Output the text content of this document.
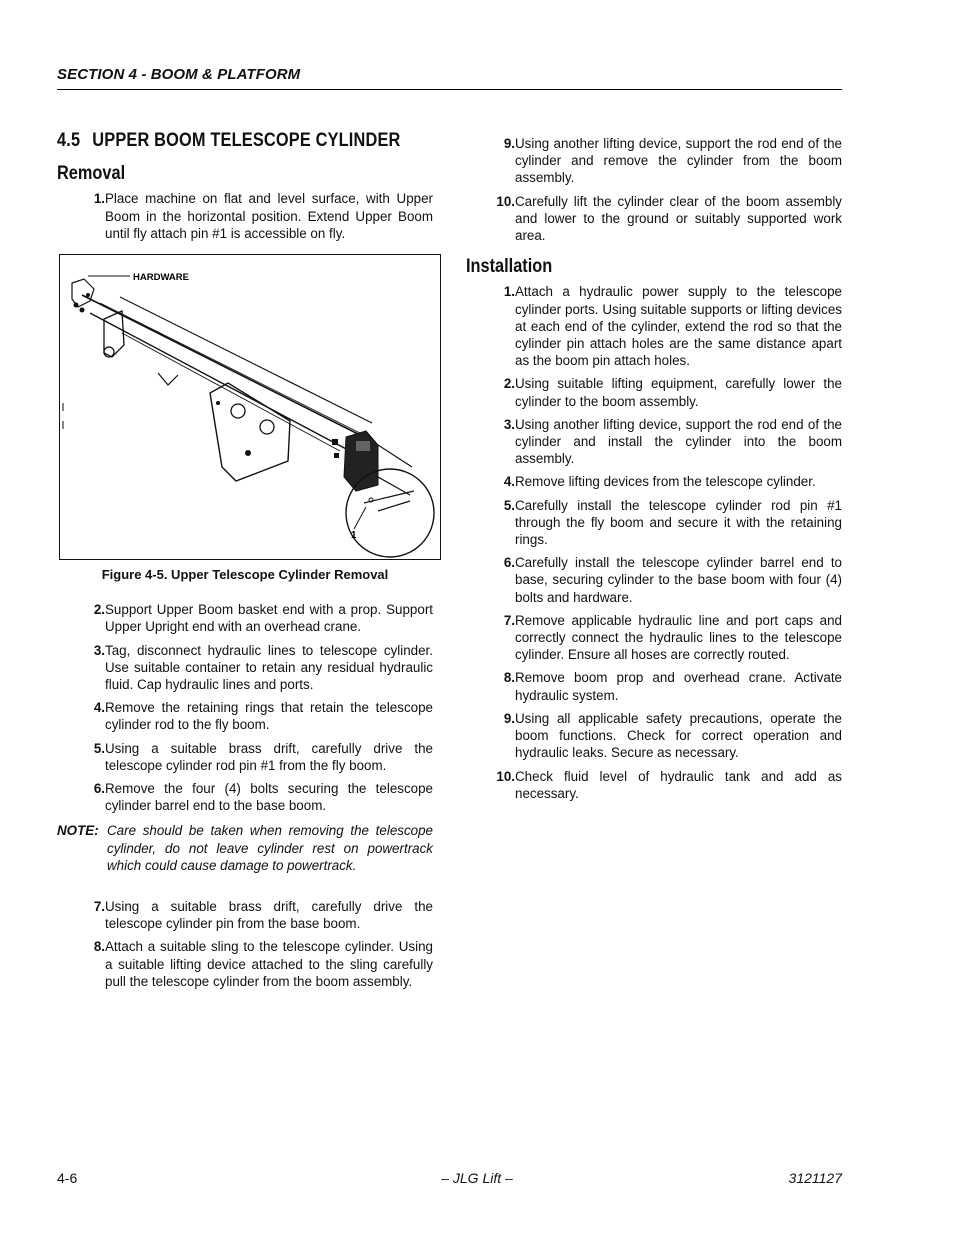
SECTION 4 - BOOM & PLATFORM
4.5 UPPER BOOM TELESCOPE CYLINDER
Removal
1. Place machine on flat and level surface, with Upper Boom in the horizontal position. Extend Upper Boom until fly attach pin #1 is accessible on fly.
HARDWARE
1
Figure 4-5. Upper Telescope Cylinder Removal
2. Support Upper Boom basket end with a prop. Support Upper Upright end with an overhead crane.
3. Tag, disconnect hydraulic lines to telescope cylinder. Use suitable container to retain any residual hydraulic fluid. Cap hydraulic lines and ports.
4. Remove the retaining rings that retain the telescope cylinder rod to the fly boom.
5. Using a suitable brass drift, carefully drive the telescope cylinder rod pin #1 from the fly boom.
6. Remove the four (4) bolts securing the telescope cylinder barrel end to the base boom.
NOTE: Care should be taken when removing the telescope cylinder, do not leave cylinder rest on powertrack which could cause damage to powertrack.
7. Using a suitable brass drift, carefully drive the telescope cylinder pin from the base boom.
8. Attach a suitable sling to the telescope cylinder. Using a suitable lifting device attached to the sling carefully pull the telescope cylinder from the boom assembly.
9. Using another lifting device, support the rod end of the cylinder and remove the cylinder from the boom assembly.
10. Carefully lift the cylinder clear of the boom assembly and lower to the ground or suitably supported work area.
Installation
1. Attach a hydraulic power supply to the telescope cylinder ports. Using suitable supports or lifting devices at each end of the cylinder, extend the rod so that the cylinder pin attach holes are the same distance apart as the boom pin attach holes.
2. Using suitable lifting equipment, carefully lower the cylinder to the boom assembly.
3. Using another lifting device, support the rod end of the cylinder and install the cylinder into the boom assembly.
4. Remove lifting devices from the telescope cylinder.
5. Carefully install the telescope cylinder rod pin #1 through the fly boom and secure it with the retaining rings.
6. Carefully install the telescope cylinder barrel end to base, securing cylinder to the base boom with four (4) bolts and hardware.
7. Remove applicable hydraulic line and port caps and correctly connect the hydraulic lines to the telescope cylinder. Ensure all hoses are correctly routed.
8. Remove boom prop and overhead crane. Activate hydraulic system.
9. Using all applicable safety precautions, operate the boom functions. Check for correct operation and hydraulic leaks. Secure as necessary.
10. Check fluid level of hydraulic tank and add as necessary.
4-6	– JLG Lift –	3121127
